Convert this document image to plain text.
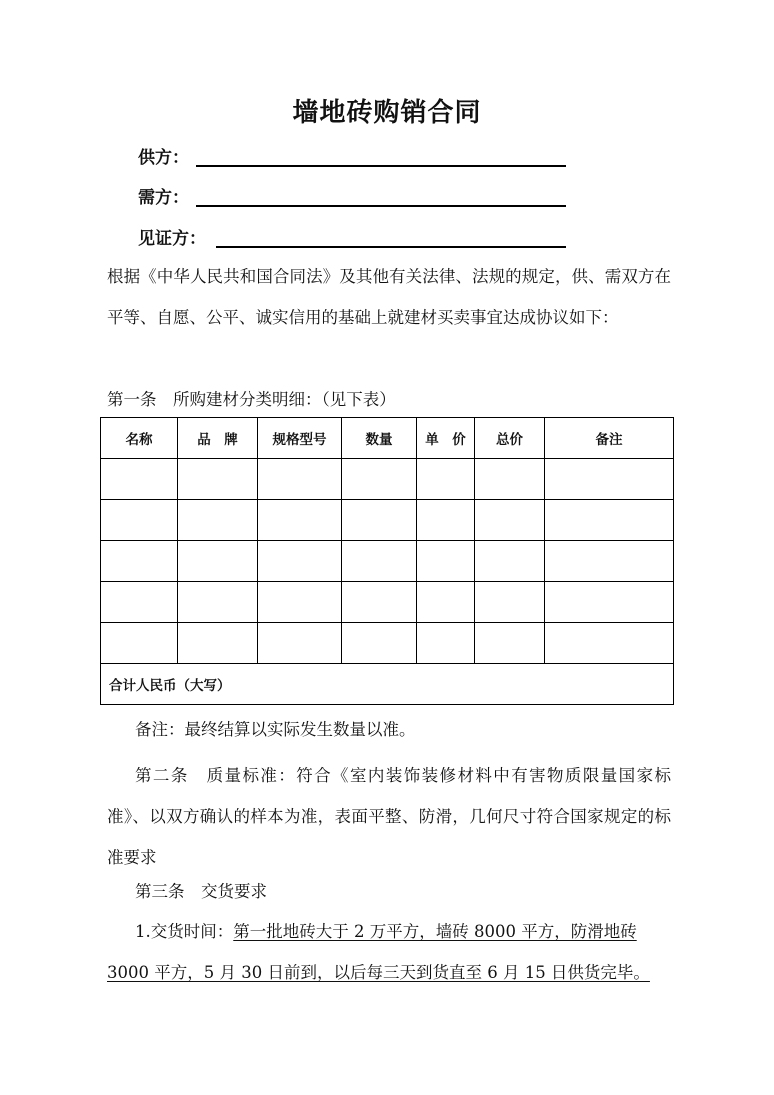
墙地砖购销合同
供方：
需方：
见证方：
根据《中华人民共和国合同法》及其他有关法律、法规的规定，供、需双方在平等、自愿、公平、诚实信用的基础上就建材买卖事宜达成协议如下：
第一条　所购建材分类明细：（见下表）
名称	品　牌	规格型号	数量	单　价	总价	备注

合计人民币（大写）						
备注：最终结算以实际发生数量以准。
第二条　质量标准：符合《室内装饰装修材料中有害物质限量国家标准》、以双方确认的样本为准，表面平整、防滑，几何尺寸符合国家规定的标准要求
第三条　交货要求
1.交货时间：第一批地砖大于 2 万平方，墙砖 8000 平方，防滑地砖
3000 平方，5 月 30 日前到，以后每三天到货直至 6 月 15 日供货完毕。
